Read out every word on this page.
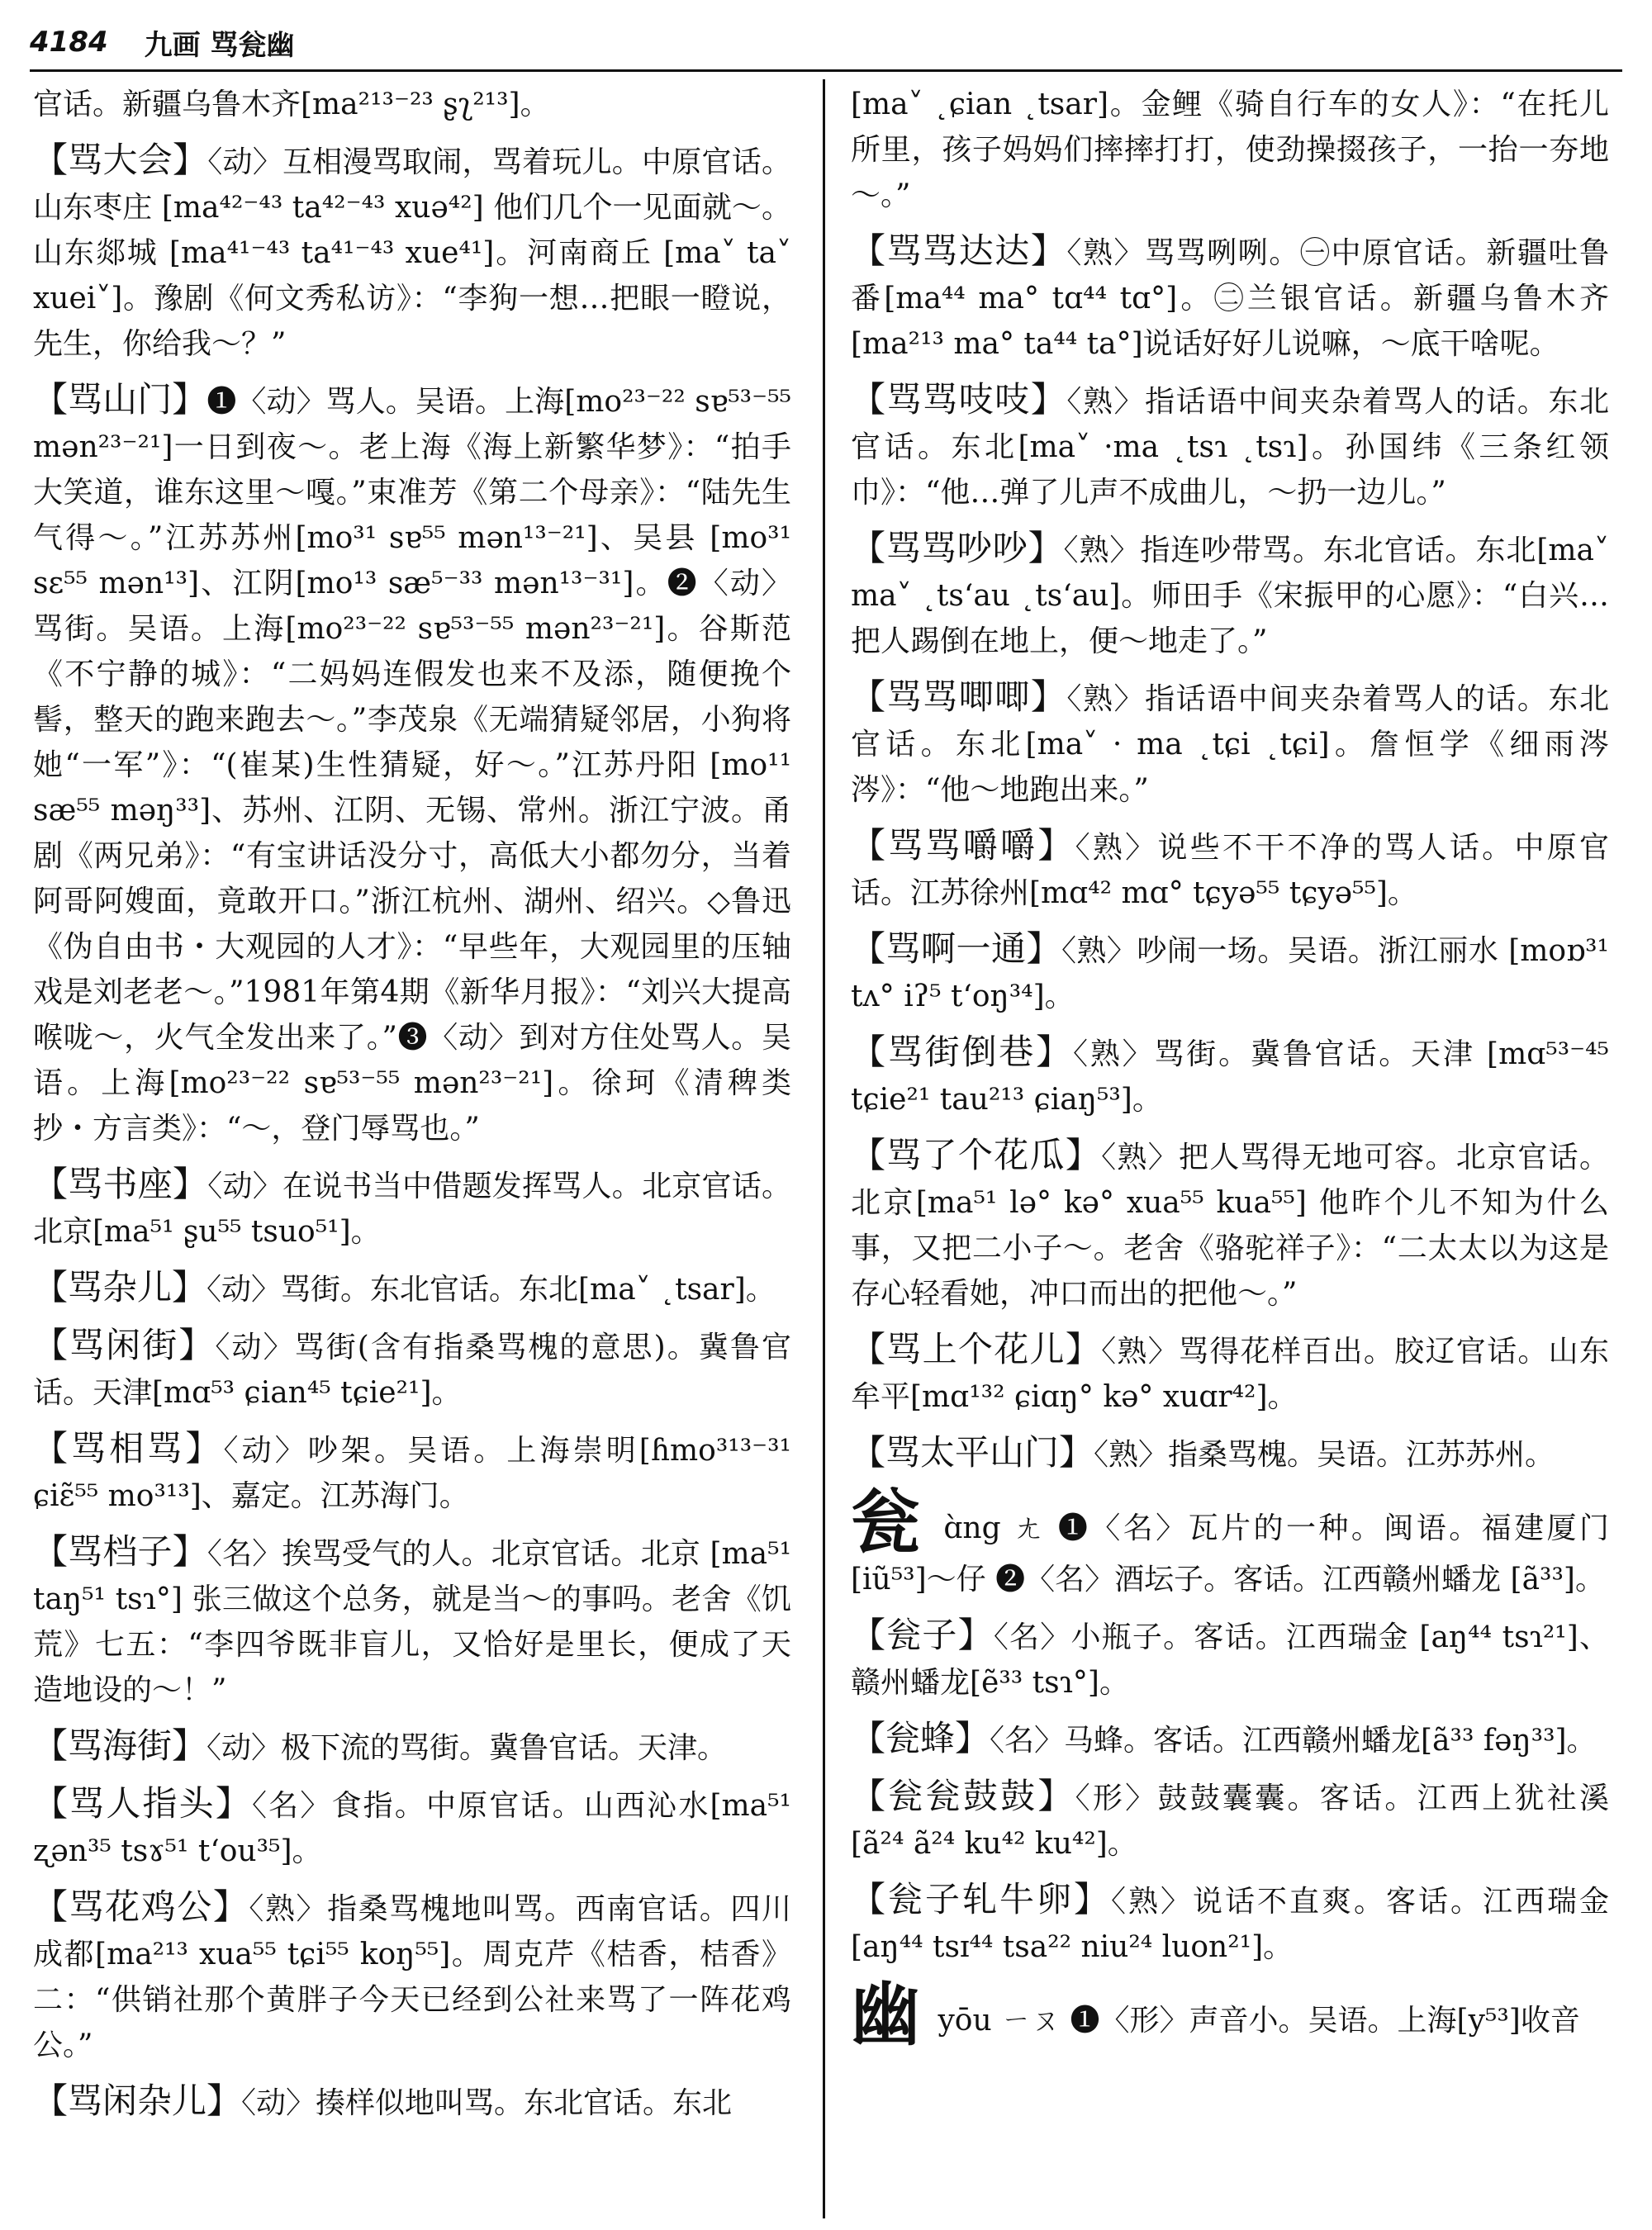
4184 九画 骂瓮幽

官话。新疆乌鲁木齐[ma²¹³⁻²³ ʂʅ²¹³]。

【骂大会】〈动〉互相漫骂取闹，骂着玩儿。中原官话。山东枣庄 [ma⁴²⁻⁴³ ta⁴²⁻⁴³ xuə⁴²] 他们几个一见面就～。山东郯城 [ma⁴¹⁻⁴³ ta⁴¹⁻⁴³ xue⁴¹]。河南商丘 [ma˅ ta˅ xuei˅]。豫剧《何文秀私访》：“李狗一想…把眼一瞪说，先生，你给我～？”

【骂山门】❶〈动〉骂人。吴语。上海[mo²³⁻²² sɐ⁵³⁻⁵⁵ mən²³⁻²¹]一日到夜～。老上海《海上新繁华梦》：“拍手大笑道，谁东这里～嘎。”束准芳《第二个母亲》：“陆先生气得～。”江苏苏州[mo³¹ sɐ⁵⁵ mən¹³⁻²¹]、吴县 [mo³¹ sɛ⁵⁵ mən¹³]、江阴[mo¹³ sæ⁵⁻³³ mən¹³⁻³¹]。❷〈动〉骂街。吴语。上海[mo²³⁻²² sɐ⁵³⁻⁵⁵ mən²³⁻²¹]。谷斯范《不宁静的城》：“二妈妈连假发也来不及添，随便挽个髻，整天的跑来跑去～。”李茂泉《无端猜疑邻居，小狗将她“一军”》：“(崔某)生性猜疑，好～。”江苏丹阳 [mo¹¹ sæ⁵⁵ məŋ³³]、苏州、江阴、无锡、常州。浙江宁波。甬剧《两兄弟》：“有宝讲话没分寸，高低大小都勿分，当着阿哥阿嫂面，竟敢开口。”浙江杭州、湖州、绍兴。◇鲁迅《伪自由书・大观园的人才》：“早些年，大观园里的压轴戏是刘老老～。”1981年第4期《新华月报》：“刘兴大提高喉咙～，火气全发出来了。”❸〈动〉到对方住处骂人。吴语。上海[mo²³⁻²² sɐ⁵³⁻⁵⁵ mən²³⁻²¹]。徐珂《清稗类抄・方言类》：“～，登门辱骂也。”

【骂书座】〈动〉在说书当中借题发挥骂人。北京官话。北京[ma⁵¹ ʂu⁵⁵ tsuo⁵¹]。

【骂杂儿】〈动〉骂街。东北官话。东北[ma˅ ˛tsar]。

【骂闲街】〈动〉骂街(含有指桑骂槐的意思)。冀鲁官话。天津[mɑ⁵³ ɕian⁴⁵ tɕie²¹]。

【骂相骂】〈动〉吵架。吴语。上海崇明[ɦmo³¹³⁻³¹ ɕiɛ̃⁵⁵ mo³¹³]、嘉定。江苏海门。

【骂档子】〈名〉挨骂受气的人。北京官话。北京 [ma⁵¹ taŋ⁵¹ tsɿ°] 张三做这个总务，就是当～的事吗。老舍《饥荒》七五：“李四爷既非盲儿，又恰好是里长，便成了天造地设的～！”

【骂海街】〈动〉极下流的骂街。冀鲁官话。天津。

【骂人指头】〈名〉食指。中原官话。山西沁水[ma⁵¹ ʐən³⁵ tsɤ⁵¹ tʻou³⁵]。

【骂花鸡公】〈熟〉指桑骂槐地叫骂。西南官话。四川成都[ma²¹³ xua⁵⁵ tɕi⁵⁵ koŋ⁵⁵]。周克芹《桔香，桔香》二：“供销社那个黄胖子今天已经到公社来骂了一阵花鸡公。”

【骂闲杂儿】〈动〉揍样似地叫骂。东北官话。东北

[ma˅ ˛ɕian ˛tsar]。金鲤《骑自行车的女人》：“在托儿所里，孩子妈妈们摔摔打打，使劲操掇孩子，一抬一夯地～。”

【骂骂达达】〈熟〉骂骂咧咧。㊀中原官话。新疆吐鲁番[ma⁴⁴ ma° tɑ⁴⁴ tɑ°]。㊁兰银官话。新疆乌鲁木齐 [ma²¹³ ma° ta⁴⁴ ta°]说话好好儿说嘛，～底干啥呢。

【骂骂吱吱】〈熟〉指话语中间夹杂着骂人的话。东北官话。东北[ma˅ ·ma ˛tsɿ ˛tsɿ]。孙国纬《三条红领巾》：“他…弹了儿声不成曲儿，～扔一边儿。”

【骂骂吵吵】〈熟〉指连吵带骂。东北官话。东北[ma˅ ma˅ ˛tsʻau ˛tsʻau]。师田手《宋振甲的心愿》：“白兴…把人踢倒在地上，便～地走了。”

【骂骂唧唧】〈熟〉指话语中间夹杂着骂人的话。东北官话。东北[ma˅ · ma ˛tɕi ˛tɕi]。詹恒学《细雨涔涔》：“他～地跑出来。”

【骂骂嚼嚼】〈熟〉说些不干不净的骂人话。中原官话。江苏徐州[mɑ⁴² mɑ° tɕyə⁵⁵ tɕyə⁵⁵]。

【骂啊一通】〈熟〉吵闹一场。吴语。浙江丽水 [moɒ³¹ tʌ° iʔ⁵ tʻoŋ³⁴]。

【骂街倒巷】〈熟〉骂街。冀鲁官话。天津 [mɑ⁵³⁻⁴⁵ tɕie²¹ tau²¹³ ɕiaŋ⁵³]。

【骂了个花瓜】〈熟〉把人骂得无地可容。北京官话。北京[ma⁵¹ lə° kə° xua⁵⁵ kua⁵⁵] 他昨个儿不知为什么事，又把二小子～。老舍《骆驼祥子》：“二太太以为这是存心轻看她，冲口而出的把他～。”

【骂上个花儿】〈熟〉骂得花样百出。胶辽官话。山东牟平[mɑ¹³² ɕiɑŋ° kə° xuɑr⁴²]。

【骂太平山门】〈熟〉指桑骂槐。吴语。江苏苏州。

瓮 ɑ̀ng ㄤ ❶〈名〉瓦片的一种。闽语。福建厦门 [iũ⁵³]～仔 ❷〈名〉酒坛子。客话。江西赣州蟠龙 [ã³³]。

【瓮子】〈名〉小瓶子。客话。江西瑞金 [aŋ⁴⁴ tsɿ²¹]、赣州蟠龙[ẽ³³ tsɿ°]。

【瓮蜂】〈名〉马蜂。客话。江西赣州蟠龙[ã³³ fəŋ³³]。

【瓮瓮鼓鼓】〈形〉鼓鼓囊囊。客话。江西上犹社溪 [ã²⁴ ã²⁴ ku⁴² ku⁴²]。

【瓮子轧牛卵】〈熟〉说话不直爽。客话。江西瑞金 [aŋ⁴⁴ tsɪ⁴⁴ tsa²² niu²⁴ luon²¹]。

幽 yōu ㄧㄡ ❶〈形〉声音小。吴语。上海[y⁵³]收音
